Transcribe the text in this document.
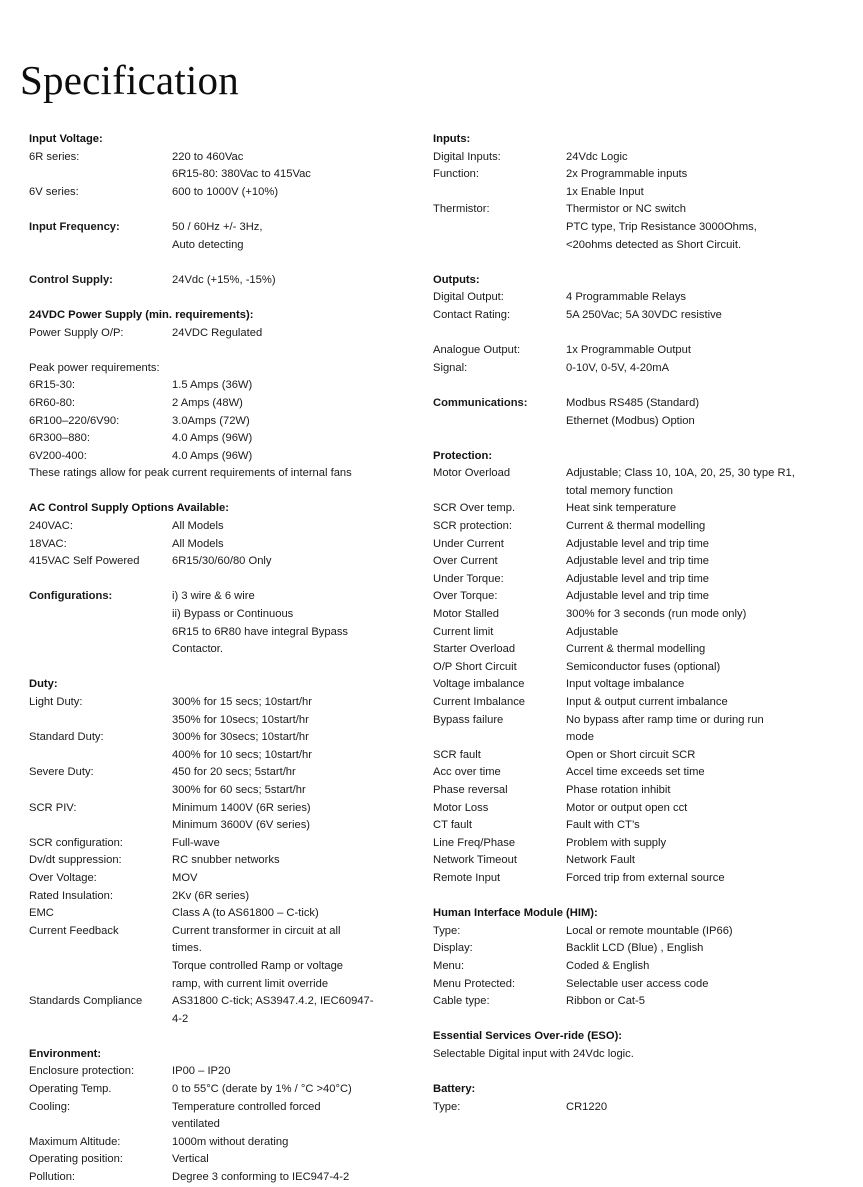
Specification
Input Voltage:
6R series:	220 to 460Vac
6R15-80: 380Vac to 415Vac
6V series:	600 to 1000V (+10%)
Input Frequency:	50 / 60Hz +/- 3Hz,
Auto detecting
Control Supply:	24Vdc (+15%, -15%)
24VDC Power Supply (min. requirements):
Power Supply O/P:	24VDC Regulated
Peak power requirements:
6R15-30:	1.5 Amps (36W)
6R60-80:	2 Amps (48W)
6R100–220/6V90:	3.0Amps (72W)
6R300–880:	4.0 Amps (96W)
6V200-400:	4.0 Amps (96W)
These ratings allow for peak current requirements of internal fans
AC Control Supply Options Available:
240VAC:	All Models
18VAC:	All Models
415VAC Self Powered	6R15/30/60/80 Only
Configurations:	i) 3 wire & 6 wire
ii) Bypass or Continuous
6R15 to 6R80 have integral Bypass
Contactor.
Duty:
Light Duty:	300% for 15 secs; 10start/hr
350% for 10secs; 10start/hr
Standard Duty:	300% for 30secs; 10start/hr
400% for 10 secs; 10start/hr
Severe Duty:	450 for 20 secs; 5start/hr
300% for 60 secs; 5start/hr
SCR PIV:	Minimum 1400V (6R series)
Minimum 3600V (6V series)
SCR configuration:	Full-wave
Dv/dt suppression:	RC snubber networks
Over Voltage:	MOV
Rated Insulation:	2Kv (6R series)
EMC	Class A (to AS61800 – C-tick)
Current Feedback	Current transformer in circuit at all
times.
Torque controlled Ramp or voltage
ramp, with current limit override
Standards Compliance	AS31800 C-tick; AS3947.4.2, IEC60947-
4-2
Environment:
Enclosure protection:	IP00 – IP20
Operating Temp.	0 to 55°C (derate by 1% / °C >40°C)
Cooling:	Temperature controlled forced
ventilated
Maximum Altitude:	1000m without derating
Operating position:	Vertical
Pollution:	Degree 3 conforming to IEC947-4-2
Inputs:
Digital Inputs:	24Vdc Logic
Function:	2x Programmable inputs
1x Enable Input
Thermistor:	Thermistor or NC switch
PTC type, Trip Resistance 3000Ohms,
<20ohms detected as Short Circuit.
Outputs:
Digital Output:	4 Programmable Relays
Contact Rating:	5A 250Vac; 5A 30VDC resistive
Analogue Output:	1x Programmable Output
Signal:	0-10V, 0-5V, 4-20mA
Communications:	Modbus RS485 (Standard)
Ethernet (Modbus) Option
Protection:
Motor Overload	Adjustable; Class 10, 10A, 20, 25, 30 type R1,
total memory function
SCR Over temp.	Heat sink temperature
SCR protection:	Current & thermal modelling
Under Current	Adjustable level and trip time
Over Current	Adjustable level and trip time
Under Torque:	Adjustable level and trip time
Over Torque:	Adjustable level and trip time
Motor Stalled	300% for 3 seconds (run mode only)
Current limit	Adjustable
Starter Overload	Current & thermal modelling
O/P Short Circuit	Semiconductor fuses (optional)
Voltage imbalance	Input voltage imbalance
Current Imbalance	Input & output current imbalance
Bypass failure	No bypass after ramp time or during run
mode
SCR fault	Open or Short circuit SCR
Acc over time	Accel time exceeds set time
Phase reversal	Phase rotation inhibit
Motor Loss	Motor or output open cct
CT fault	Fault with CT’s
Line Freq/Phase	Problem with supply
Network Timeout	Network Fault
Remote Input	Forced trip from external source
Human Interface Module (HIM):
Type:	Local or remote mountable (IP66)
Display:	Backlit LCD (Blue) , English
Menu:	Coded & English
Menu Protected:	Selectable user access code
Cable type:	Ribbon or Cat-5
Essential Services Over-ride (ESO):
Selectable Digital input with 24Vdc logic.
Battery:
Type:	CR1220
